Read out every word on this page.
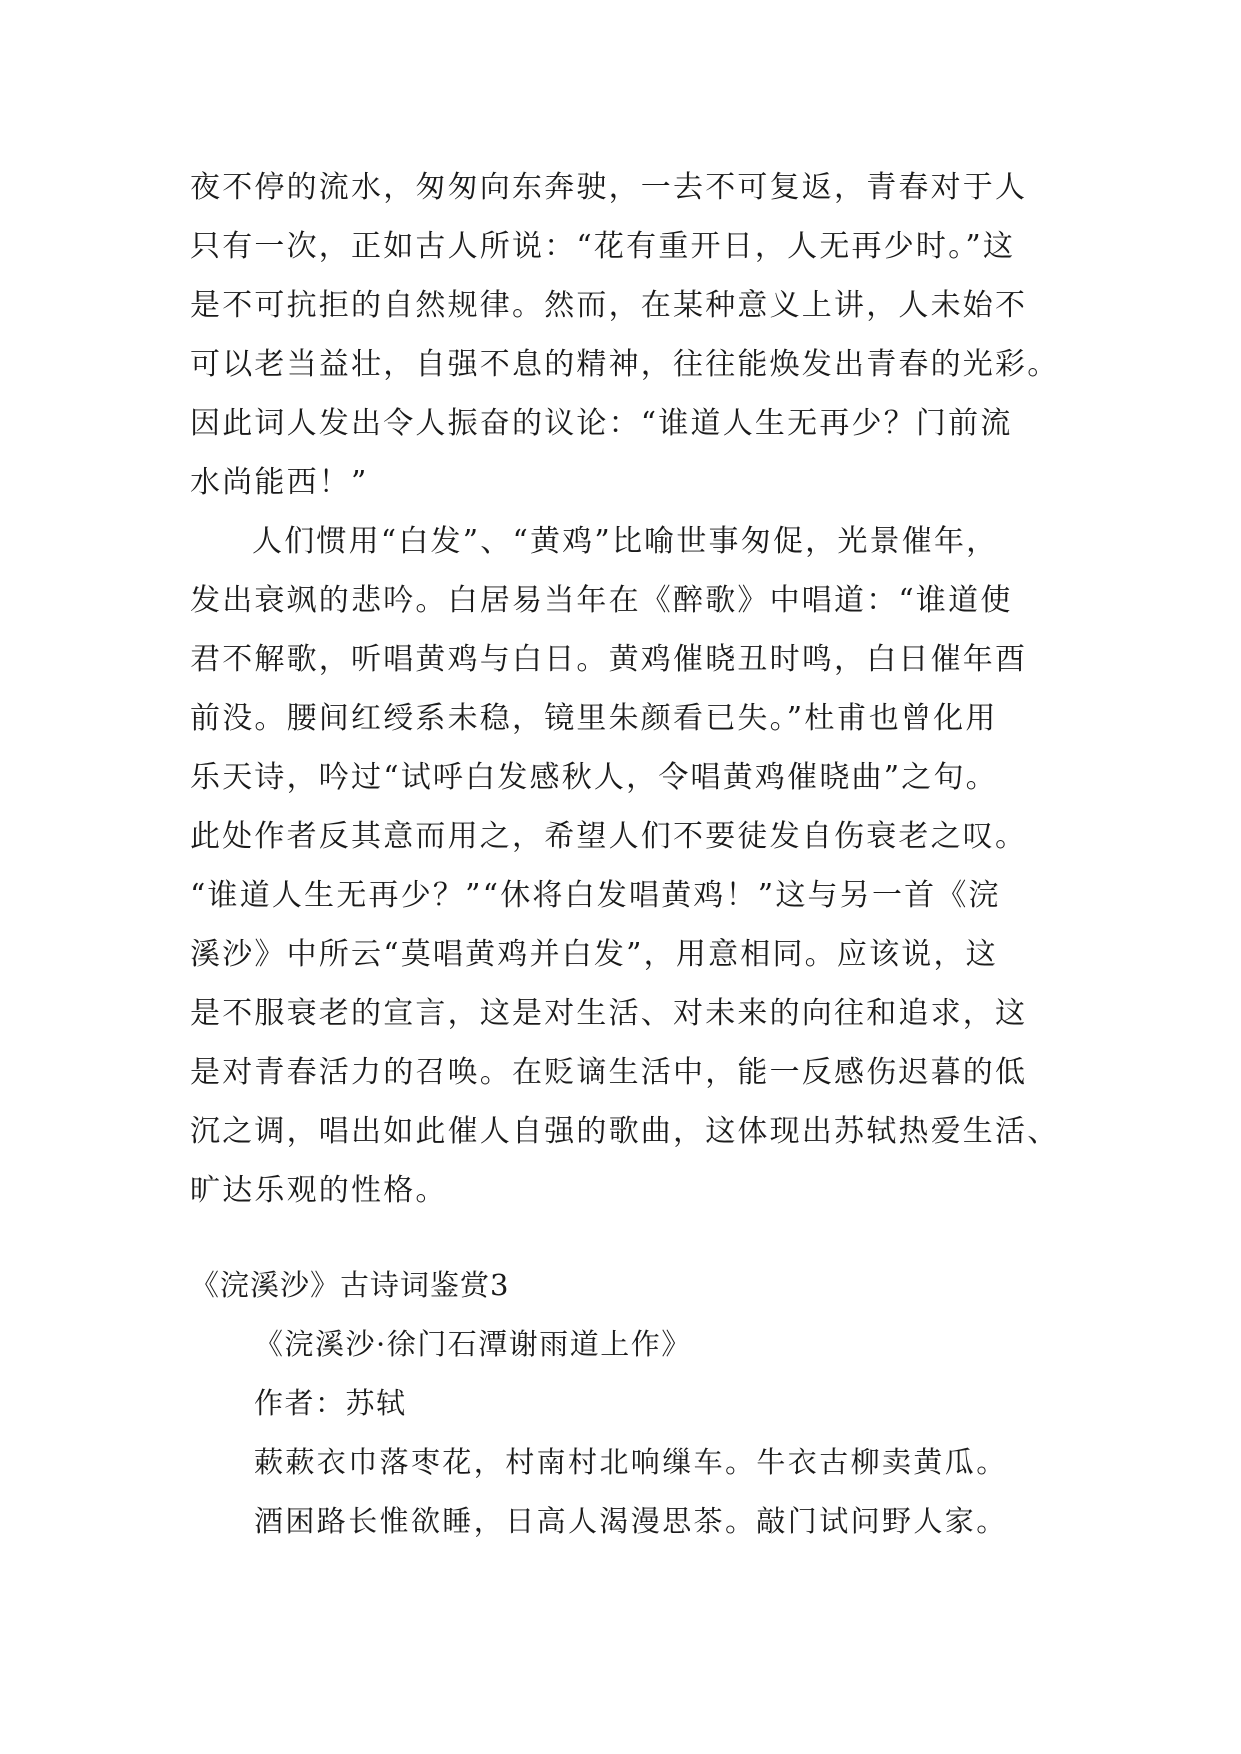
夜不停的流水，匆匆向东奔驶，一去不可复返，青春对于人
只有一次，正如古人所说：“花有重开日，人无再少时。”这
是不可抗拒的自然规律。然而，在某种意义上讲，人未始不
可以老当益壮，自强不息的精神，往往能焕发出青春的光彩。
因此词人发出令人振奋的议论：“谁道人生无再少？门前流
水尚能西！”
人们惯用“白发”、“黄鸡”比喻世事匆促，光景催年，
发出衰飒的悲吟。白居易当年在《醉歌》中唱道：“谁道使
君不解歌，听唱黄鸡与白日。黄鸡催晓丑时鸣，白日催年酉
前没。腰间红绶系未稳，镜里朱颜看已失。”杜甫也曾化用
乐天诗，吟过“试呼白发感秋人，令唱黄鸡催晓曲”之句。
此处作者反其意而用之，希望人们不要徒发自伤衰老之叹。
“谁道人生无再少？”“休将白发唱黄鸡！”这与另一首《浣
溪沙》中所云“莫唱黄鸡并白发”，用意相同。应该说，这
是不服衰老的宣言，这是对生活、对未来的向往和追求，这
是对青春活力的召唤。在贬谪生活中，能一反感伤迟暮的低
沉之调，唱出如此催人自强的歌曲，这体现出苏轼热爱生活、
旷达乐观的性格。
《浣溪沙》古诗词鉴赏3
《浣溪沙·徐门石潭谢雨道上作》
作者：苏轼
蔌蔌衣巾落枣花，村南村北响缫车。牛衣古柳卖黄瓜。
酒困路长惟欲睡，日高人渴漫思茶。敲门试问野人家。
